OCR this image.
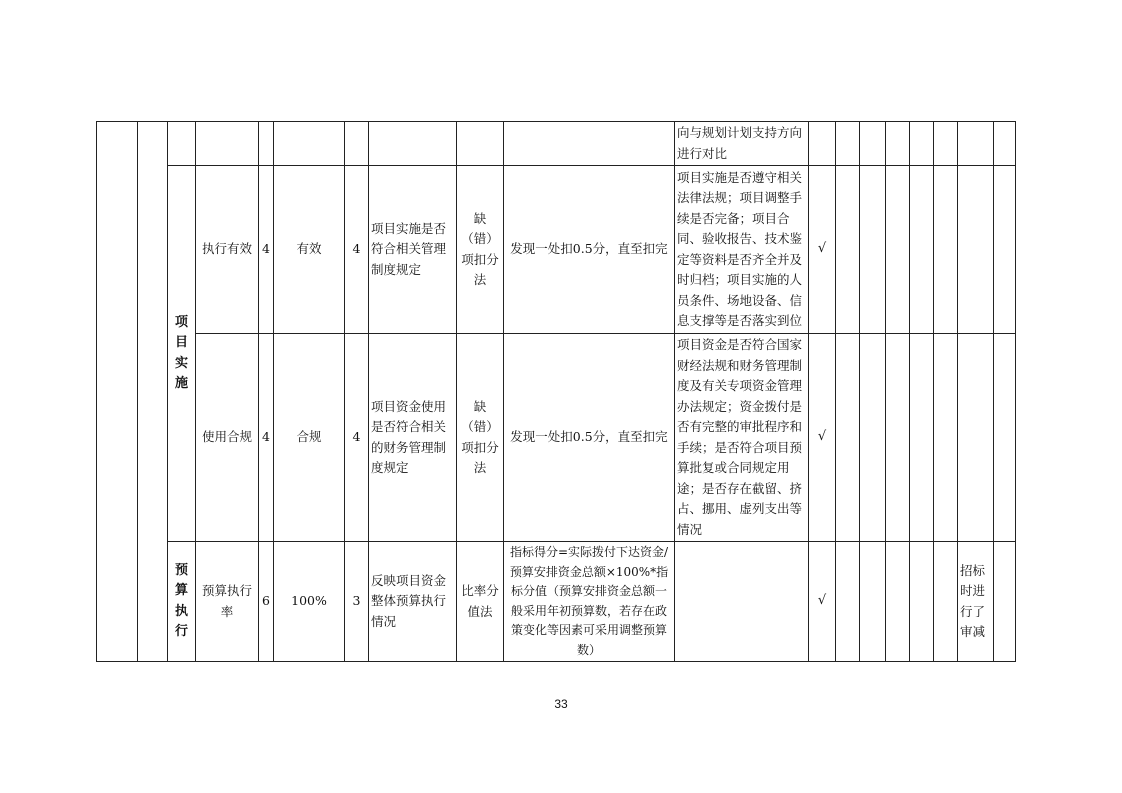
										向与规划计划支持方向进行对比								
		项目实施	执行有效	4	有效	4	项目实施是否符合相关管理制度规定	缺（错）项扣分法	发现一处扣0.5分，直至扣完	项目实施是否遵守相关法律法规；项目调整手续是否完备；项目合同、验收报告、技术鉴定等资料是否齐全并及时归档；项目实施的人员条件、场地设备、信息支撑等是否落实到位	√							
			使用合规	4	合规	4	项目资金使用是否符合相关的财务管理制度规定	缺（错）项扣分法	发现一处扣0.5分，直至扣完	项目资金是否符合国家财经法规和财务管理制度及有关专项资金管理办法规定；资金拨付是否有完整的审批程序和手续；是否符合项目预算批复或合同规定用途；是否存在截留、挤占、挪用、虚列支出等情况	√							
		预算执行	预算执行率	6	100%	3	反映项目资金整体预算执行情况	比率分值法	指标得分=实际拨付下达资金/预算安排资金总额×100%*指标分值（预算安排资金总额一般采用年初预算数，若存在政策变化等因素可采用调整预算数）		√						招标时进行了审减	
33
